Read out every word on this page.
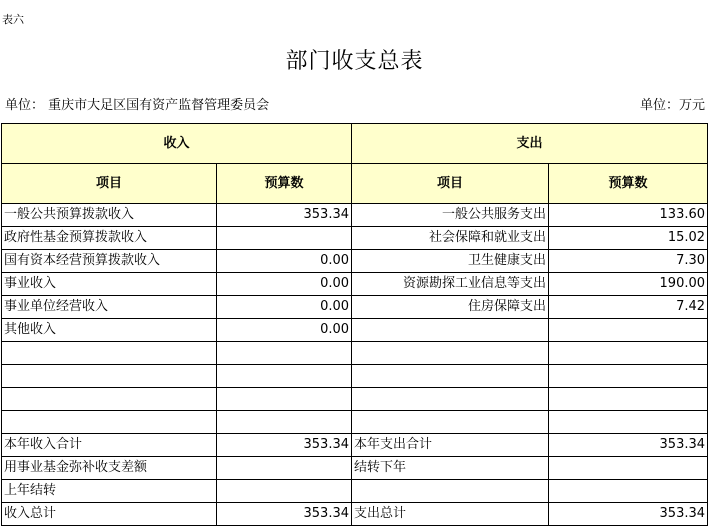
表六
部门收支总表
单位： 重庆市大足区国有资产监督管理委员会	单位：万元
收入		支出	
项目	预算数	项目	预算数
一般公共预算拨款收入	353.34	一般公共服务支出	133.60
政府性基金预算拨款收入		社会保障和就业支出	15.02
国有资本经营预算拨款收入	0.00	卫生健康支出	7.30
事业收入	0.00	资源勘探工业信息等支出	190.00
事业单位经营收入	0.00	住房保障支出	7.42
其他收入	0.00		

本年收入合计	353.34	本年支出合计	353.34
用事业基金弥补收支差额		结转下年	
上年结转			
收入总计	353.34	支出总计	353.34
